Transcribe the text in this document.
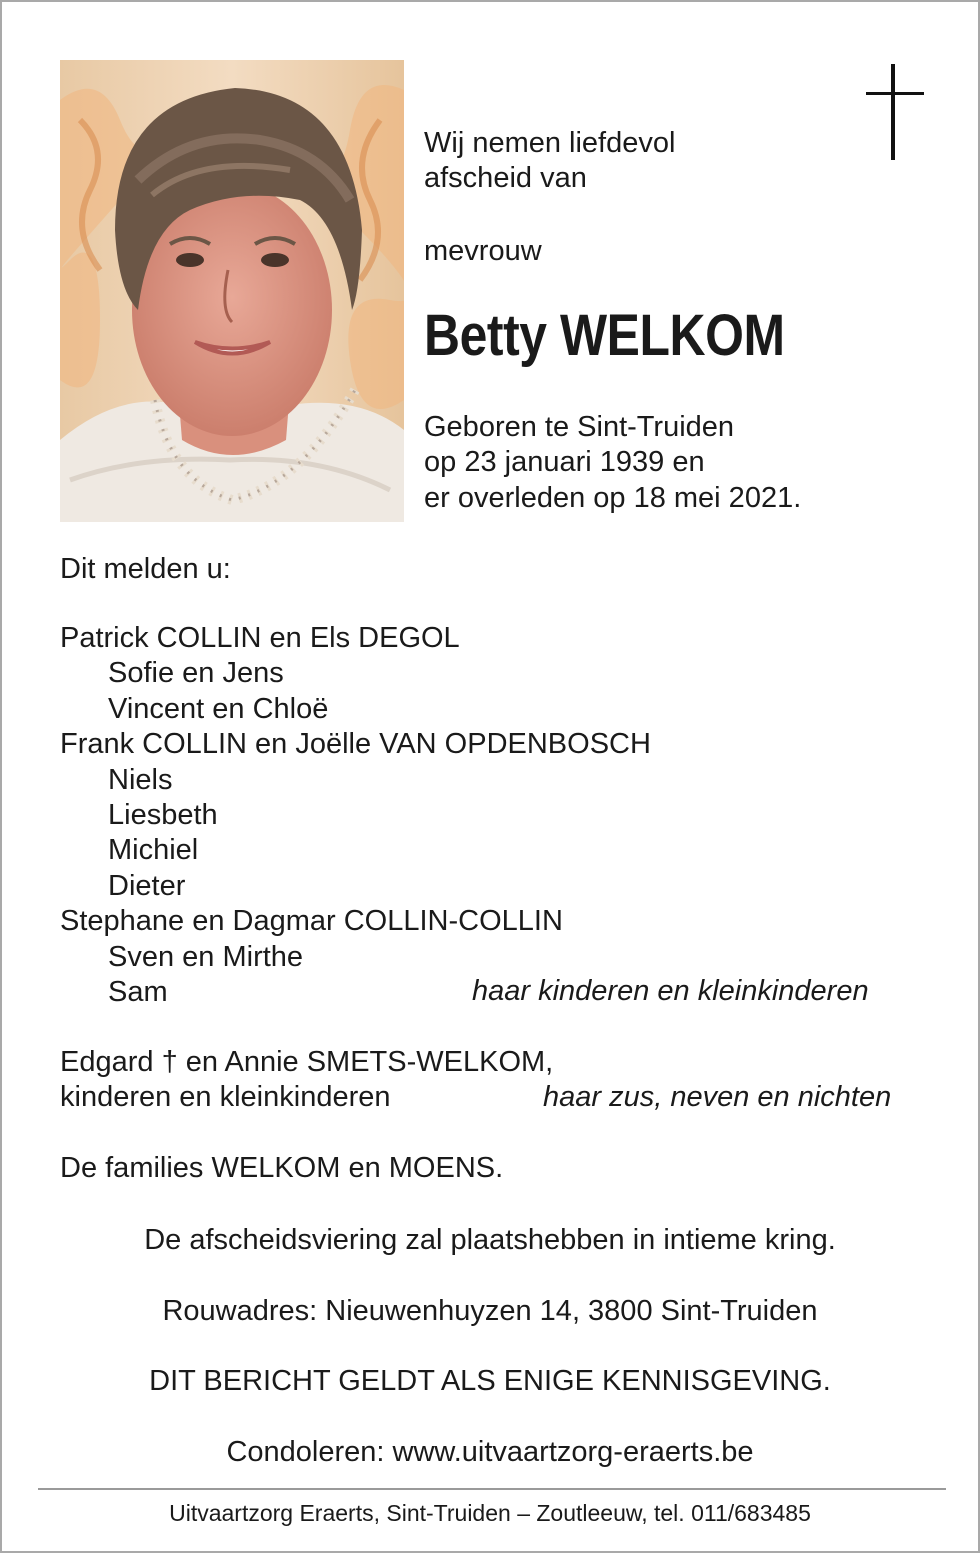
Wij nemen liefdevol
afscheid van
mevrouw
Betty WELKOM
Geboren te Sint-Truiden
op 23 januari 1939 en
er overleden op 18 mei 2021.
Dit melden u:
Patrick COLLIN en Els DEGOL
Sofie en Jens
Vincent en Chloë
Frank COLLIN en Joëlle VAN OPDENBOSCH
Niels
Liesbeth
Michiel
Dieter
Stephane en Dagmar COLLIN-COLLIN
Sven en Mirthe
Sam	haar kinderen en kleinkinderen
Edgard † en Annie SMETS-WELKOM,
kinderen en kleinkinderen	haar zus, neven en nichten
De families WELKOM en MOENS.
De afscheidsviering zal plaatshebben in intieme kring.
Rouwadres: Nieuwenhuyzen 14, 3800 Sint-Truiden
DIT BERICHT GELDT ALS ENIGE KENNISGEVING.
Condoleren: www.uitvaartzorg-eraerts.be
Uitvaartzorg Eraerts, Sint-Truiden – Zoutleeuw, tel. 011/683485
